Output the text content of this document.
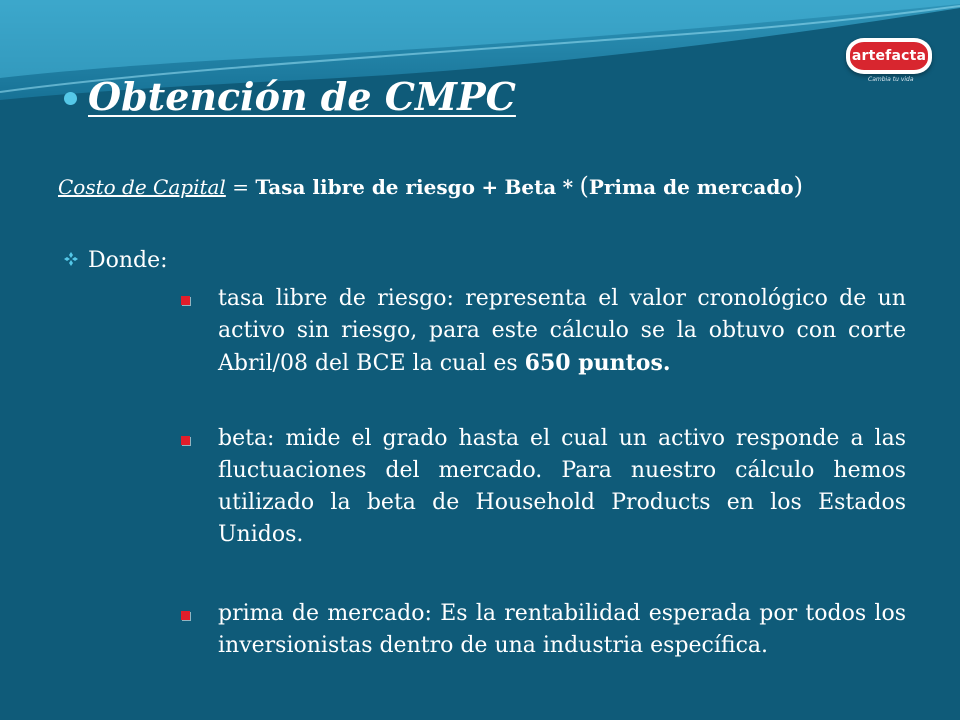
artefacta
Cambia tu vida
Obtención de CMPC
Costo de Capital = Tasa libre de riesgo + Beta * (Prima de mercado)
Donde:
tasa libre de riesgo: representa el valor cronológico de un activo sin riesgo, para este cálculo se la obtuvo con corte Abril/08 del BCE la cual es 650 puntos.
beta: mide el grado hasta el cual un activo responde a las fluctuaciones del mercado. Para nuestro cálculo hemos utilizado la beta de Household Products en los Estados Unidos.
prima de mercado: Es la rentabilidad esperada por todos los inversionistas dentro de una industria específica.
